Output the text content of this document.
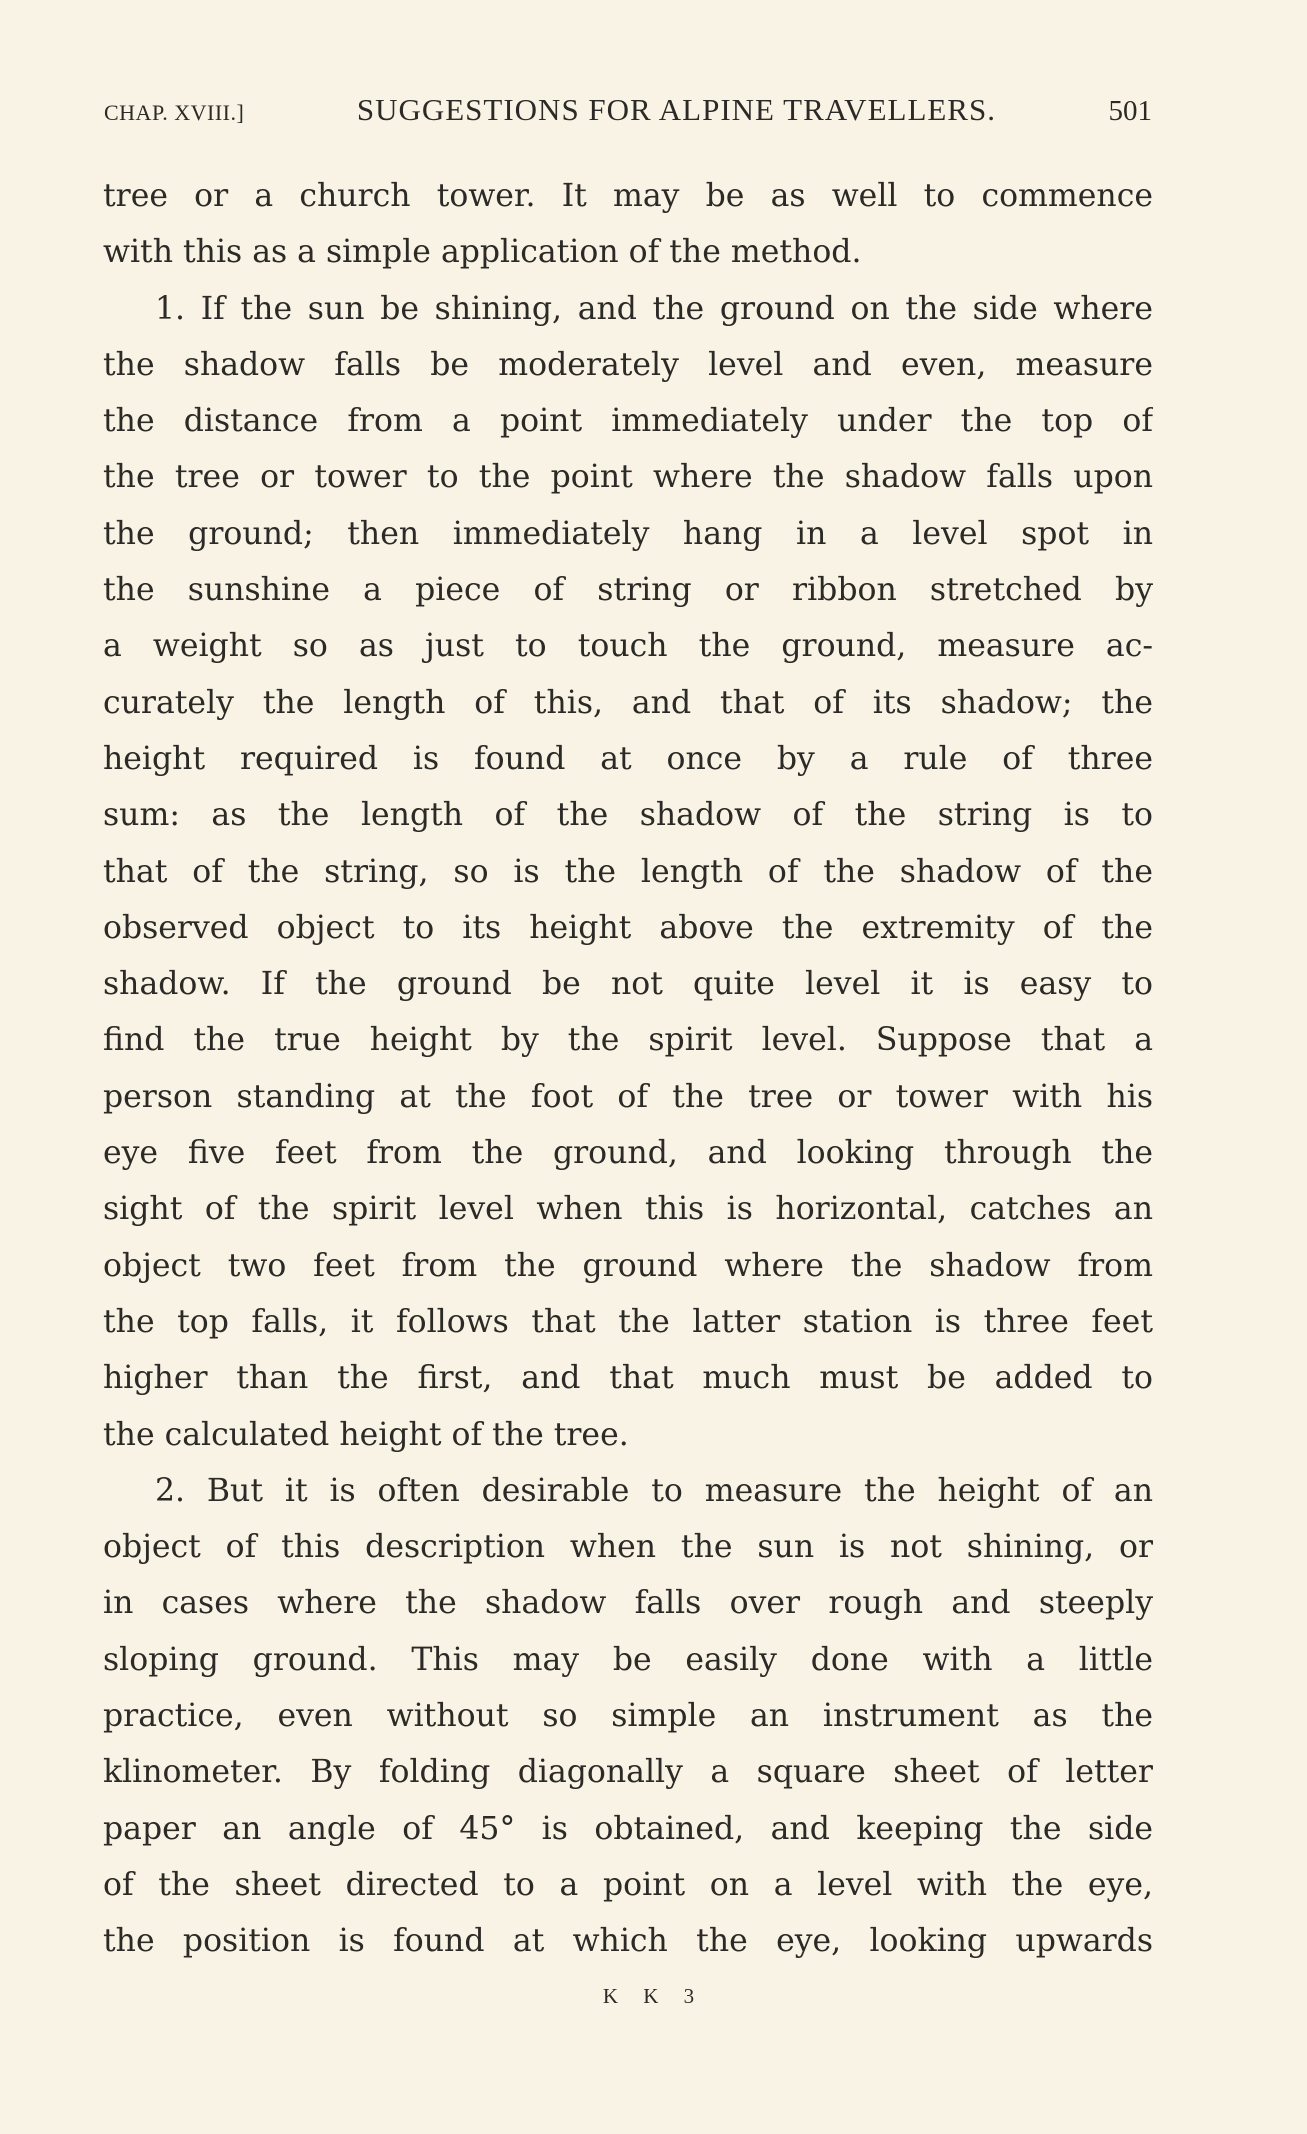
CHAP. XVIII.]	SUGGESTIONS FOR ALPINE TRAVELLERS.	501
tree or a church tower. It may be as well to commence
with this as a simple application of the method.
1. If the sun be shining, and the ground on the side where
the shadow falls be moderately level and even, measure
the distance from a point immediately under the top of
the tree or tower to the point where the shadow falls upon
the ground; then immediately hang in a level spot in
the sunshine a piece of string or ribbon stretched by
a weight so as just to touch the ground, measure ac-
curately the length of this, and that of its shadow; the
height required is found at once by a rule of three
sum: as the length of the shadow of the string is to
that of the string, so is the length of the shadow of the
observed object to its height above the extremity of the
shadow. If the ground be not quite level it is easy to
find the true height by the spirit level. Suppose that a
person standing at the foot of the tree or tower with his
eye five feet from the ground, and looking through the
sight of the spirit level when this is horizontal, catches an
object two feet from the ground where the shadow from
the top falls, it follows that the latter station is three feet
higher than the first, and that much must be added to
the calculated height of the tree.
2. But it is often desirable to measure the height of an
object of this description when the sun is not shining, or
in cases where the shadow falls over rough and steeply
sloping ground. This may be easily done with a little
practice, even without so simple an instrument as the
klinometer. By folding diagonally a square sheet of letter
paper an angle of 45° is obtained, and keeping the side
of the sheet directed to a point on a level with the eye,
the position is found at which the eye, looking upwards
K K 3
